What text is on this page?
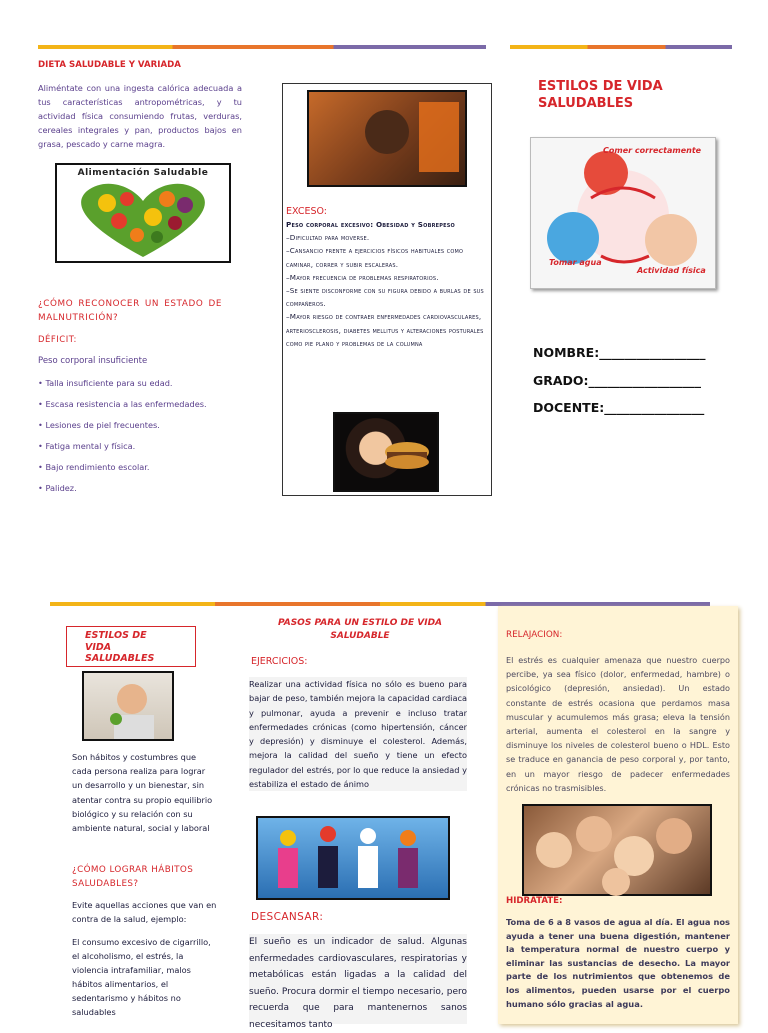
DIETA SALUDABLE Y VARIADA
Aliméntate con una ingesta calórica adecuada a tus características antropométricas, y tu actividad física consumiendo frutas, verduras, cereales integrales y pan, productos bajos en grasa, pescado y carne magra.
Alimentación Saludable
¿CÓMO RECONOCER UN ESTADO DE MALNUTRICIÓN?
DÉFICIT:
Peso corporal insuficiente
• Talla insuficiente para su edad.
• Escasa resistencia a las enfermedades.
• Lesiones de piel frecuentes.
• Fatiga mental y física.
• Bajo rendimiento escolar.
• Palidez.
EXCESO:
Peso corporal excesivo: Obesidad y Sobrepeso
–Dificultad para moverse.
–Cansancio frente a ejercicios físicos habituales como caminar, correr y subir escaleras.
–Mayor frecuencia de problemas respiratorios.
–Se siente disconforme con su figura debido a burlas de sus compañeros.
–Mayor riesgo de contraer enfermedades cardiovasculares, arteriosclerosis, diabetes mellitus y alteraciones posturales como pie plano y problemas de la columna
ESTILOS DE VIDA SALUDABLES
Comer correctamente
Tomar agua
Actividad física
NOMBRE:_________________
GRADO:__________________
DOCENTE:________________
ESTILOS DE VIDA SALUDABLES
Son hábitos y costumbres que cada persona realiza para lograr un desarrollo y un bienestar, sin atentar contra su propio equilibrio biológico y su relación con su ambiente natural, social y laboral
¿CÓMO LOGRAR HÁBITOS SALUDABLES?
Evite aquellas acciones que van en contra de la salud, ejemplo:
El consumo excesivo de cigarrillo, el alcoholismo, el estrés, la violencia intrafamiliar, malos hábitos alimentarios, el sedentarismo y hábitos no saludables
PASOS PARA UN ESTILO DE VIDA SALUDABLE
EJERCICIOS:
Realizar una actividad física no sólo es bueno para bajar de peso, también mejora la capacidad cardiaca y pulmonar, ayuda a prevenir e incluso tratar enfermedades crónicas (como hipertensión, cáncer y depresión) y disminuye el colesterol. Además, mejora la calidad del sueño y tiene un efecto regulador del estrés, por lo que reduce la ansiedad y estabiliza el estado de ánimo
DESCANSAR:
El sueño es un indicador de salud. Algunas enfermedades cardiovasculares, respiratorias y metabólicas están ligadas a la calidad del sueño. Procura dormir el tiempo necesario, pero recuerda que para mantenernos sanos necesitamos tanto
RELAJACION:
El estrés es cualquier amenaza que nuestro cuerpo percibe, ya sea físico (dolor, enfermedad, hambre) o psicológico (depresión, ansiedad). Un estado constante de estrés ocasiona que perdamos masa muscular y acumulemos más grasa; eleva la tensión arterial, aumenta el colesterol en la sangre y disminuye los niveles de colesterol bueno o HDL. Esto se traduce en ganancia de peso corporal y, por tanto, en un mayor riesgo de padecer enfermedades crónicas no trasmisibles.
HIDRATATE:
Toma de 6 a 8 vasos de agua al día. El agua nos ayuda a tener una buena digestión, mantener la temperatura normal de nuestro cuerpo y eliminar las sustancias de desecho. La mayor parte de los nutrimientos que obtenemos de los alimentos, pueden usarse por el cuerpo humano sólo gracias al agua.
